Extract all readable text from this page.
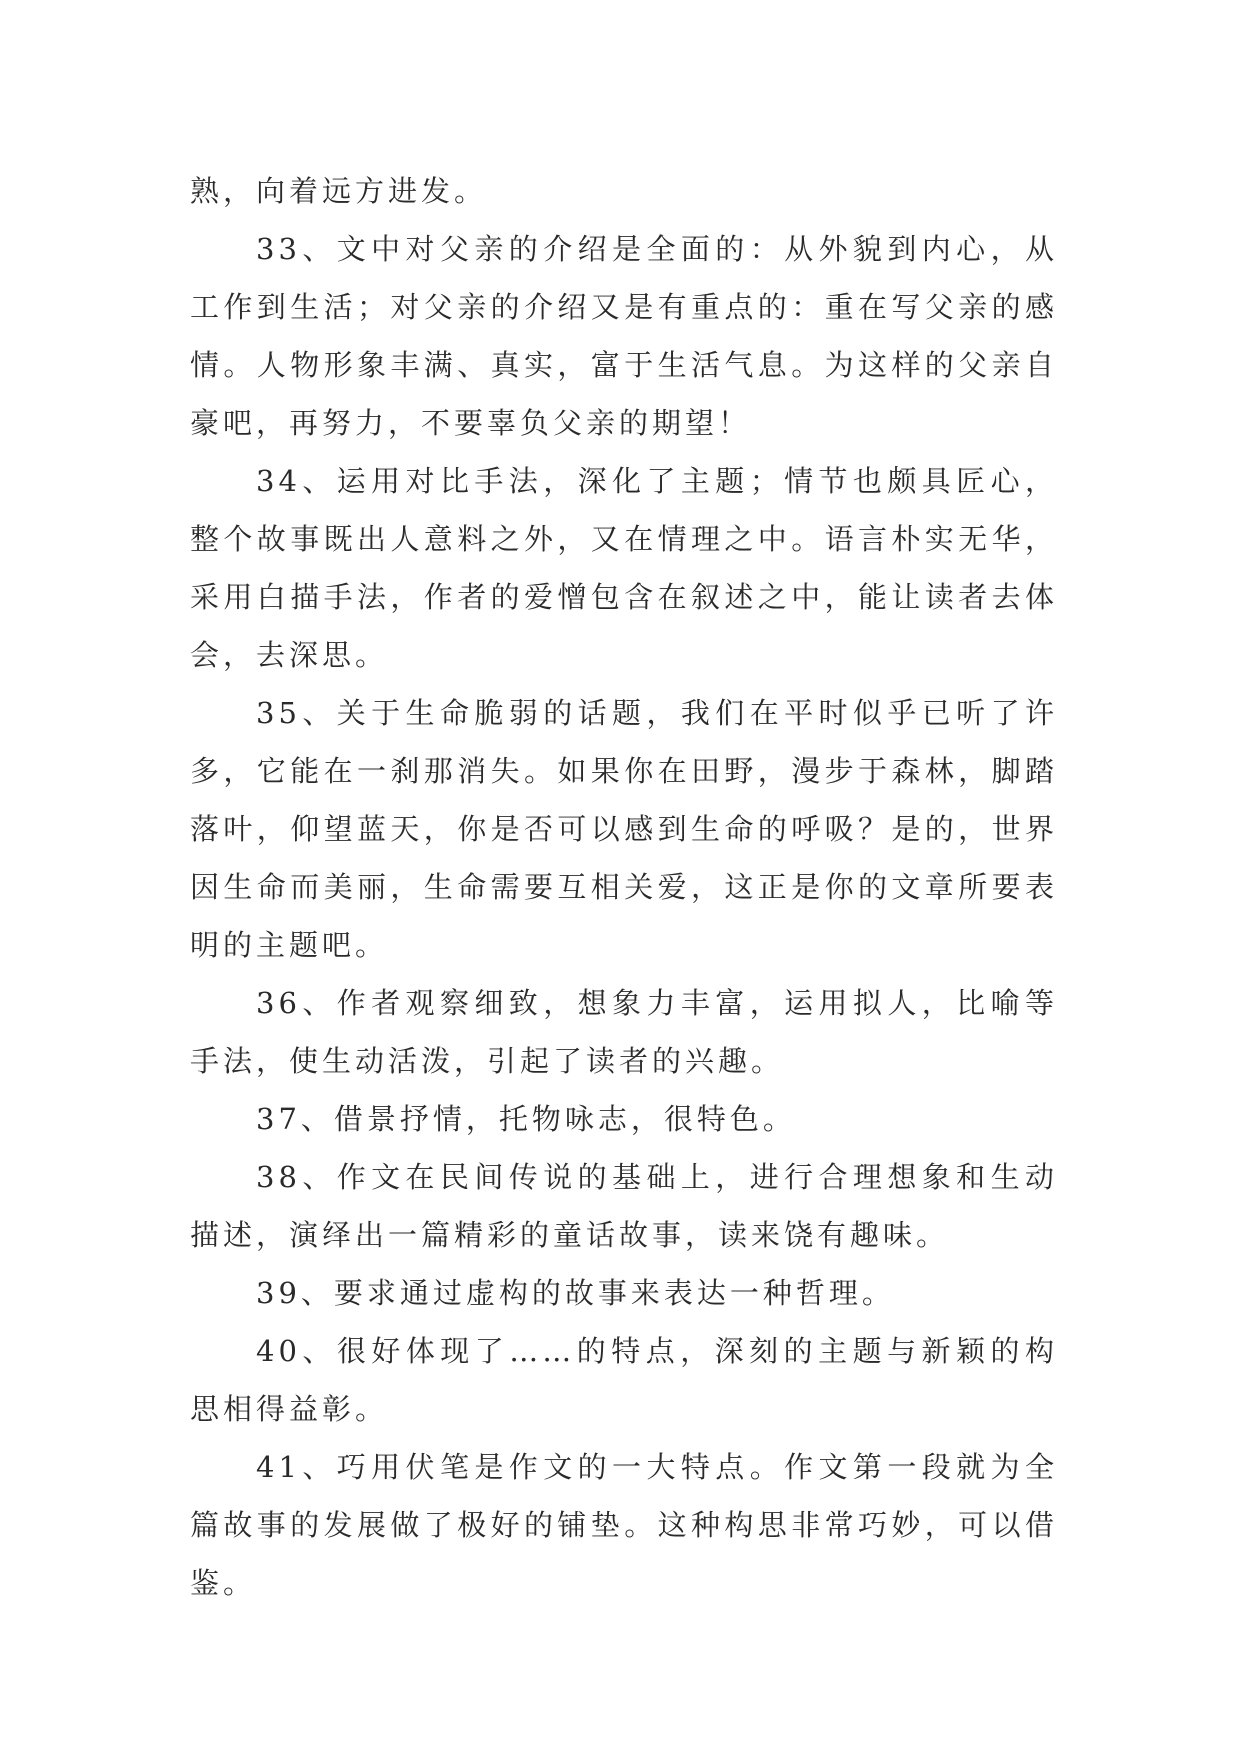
熟，向着远方进发。

33、文中对父亲的介绍是全面的：从外貌到内心，从工作到生活；对父亲的介绍又是有重点的：重在写父亲的感情。人物形象丰满、真实，富于生活气息。为这样的父亲自豪吧，再努力，不要辜负父亲的期望！

34、运用对比手法，深化了主题；情节也颇具匠心，整个故事既出人意料之外，又在情理之中。语言朴实无华，采用白描手法，作者的爱憎包含在叙述之中，能让读者去体会，去深思。

35、关于生命脆弱的话题，我们在平时似乎已听了许多，它能在一刹那消失。如果你在田野，漫步于森林，脚踏落叶，仰望蓝天，你是否可以感到生命的呼吸？是的，世界因生命而美丽，生命需要互相关爱，这正是你的文章所要表明的主题吧。

36、作者观察细致，想象力丰富，运用拟人，比喻等手法，使生动活泼，引起了读者的兴趣。

37、借景抒情，托物咏志，很特色。

38、作文在民间传说的基础上，进行合理想象和生动描述，演绎出一篇精彩的童话故事，读来饶有趣味。

39、要求通过虚构的故事来表达一种哲理。

40、很好体现了……的特点，深刻的主题与新颖的构思相得益彰。

41、巧用伏笔是作文的一大特点。作文第一段就为全篇故事的发展做了极好的铺垫。这种构思非常巧妙，可以借鉴。
